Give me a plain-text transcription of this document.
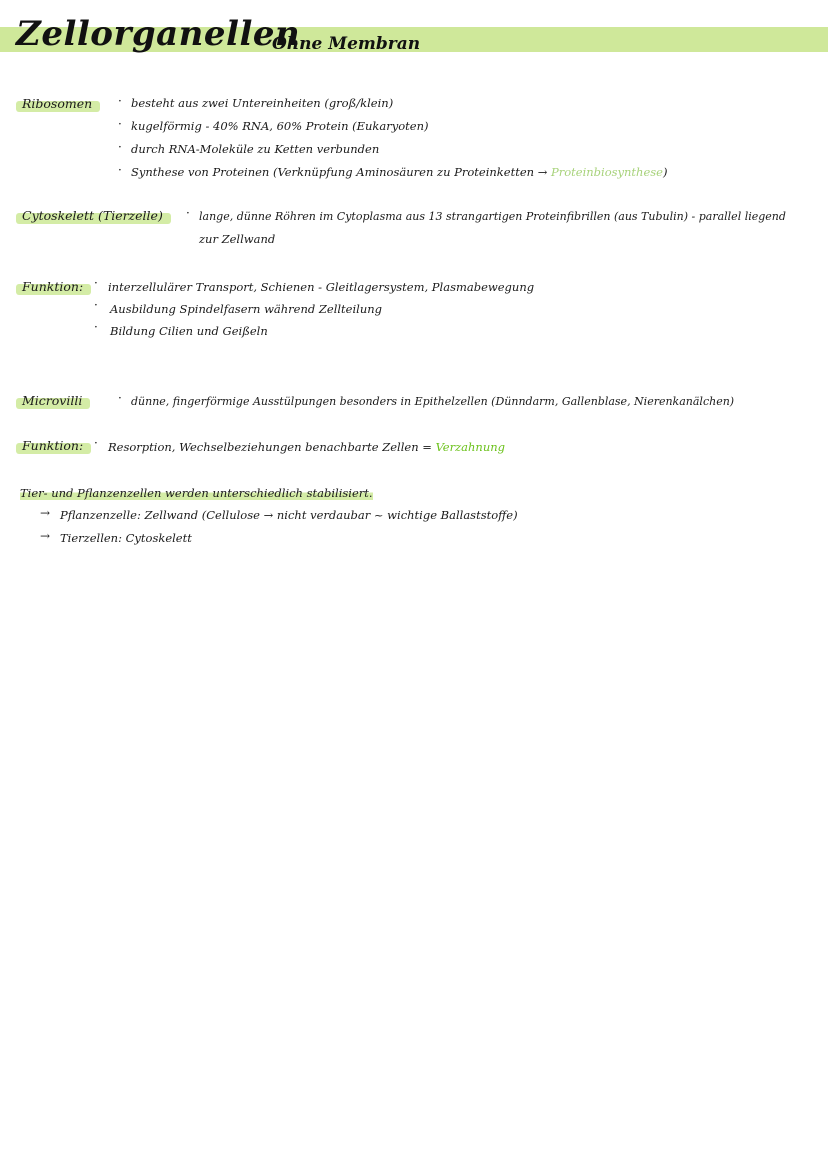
Zellorganellen
Ohne Membran
Ribosomen	· besteht aus zwei Untereinheiten (groß/klein)
· kugelförmig - 40% RNA, 60% Protein (Eukaryoten)
· durch RNA-Moleküle zu Ketten verbunden
· Synthese von Proteinen (Verknüpfung Aminosäuren zu Proteinketten → Proteinbiosynthese)
Cytoskelett (Tierzelle)	· lange, dünne Röhren im Cytoplasma aus 13 strangartigen Proteinfibrillen (aus Tubulin) - parallel liegend
zur Zellwand
Funktion: · interzellulärer Transport, Schienen - Gleitlagersystem, Plasmabewegung
· Ausbildung Spindelfasern während Zellteilung
· Bildung Cilien und Geißeln
Microvilli	· dünne, fingerförmige Ausstülpungen besonders in Epithelzellen (Dünndarm, Gallenblase, Nierenkanälchen)
Funktion: · Resorption, Wechselbeziehungen benachbarte Zellen = Verzahnung
Tier- und Pflanzenzellen werden unterschiedlich stabilisiert.
→ Pflanzenzelle: Zellwand (Cellulose → nicht verdaubar ~ wichtige Ballaststoffe)
→ Tierzellen: Cytoskelett
